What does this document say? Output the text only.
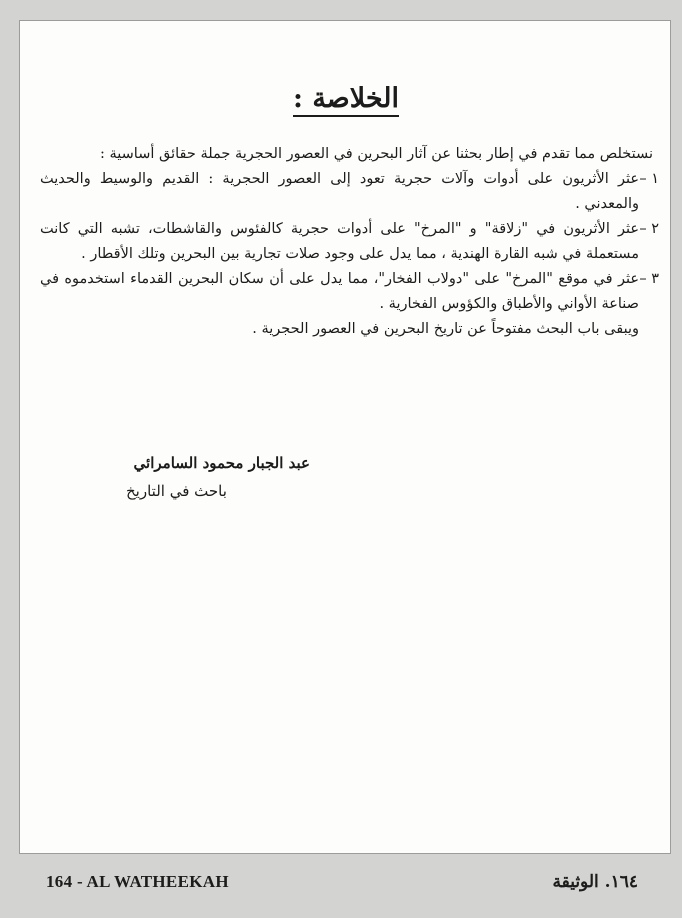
الخلاصة :

نستخلص مما تقدم في إطار بحثنا عن آثار البحرين في العصور الحجرية جملة حقائق أساسية :

١ –
عثر الأثريون على أدوات وآلات حجرية تعود إلى العصور الحجرية : القديم والوسيط والحديث والمعدني .

٢ –
عثر الأثريون في "زلاقة" و "المرخ" على أدوات حجرية كالفئوس والقاشطات، تشبه التي كانت مستعملة في شبه القارة الهندية ، مما يدل على وجود صلات تجارية بين البحرين وتلك الأقطار .

٣ –
عثر في موقع "المرخ" على "دولاب الفخار"، مما يدل على أن سكان البحرين القدماء استخدموه في صناعة الأواني والأطباق والكؤوس الفخارية .

ويبقى باب البحث مفتوحاً عن تاريخ البحرين في العصور الحجرية .

عبد الجبار محمود السامرائي
باحث في التاريخ
164 - AL WATHEEKAH	١٦٤. الوثيقة
